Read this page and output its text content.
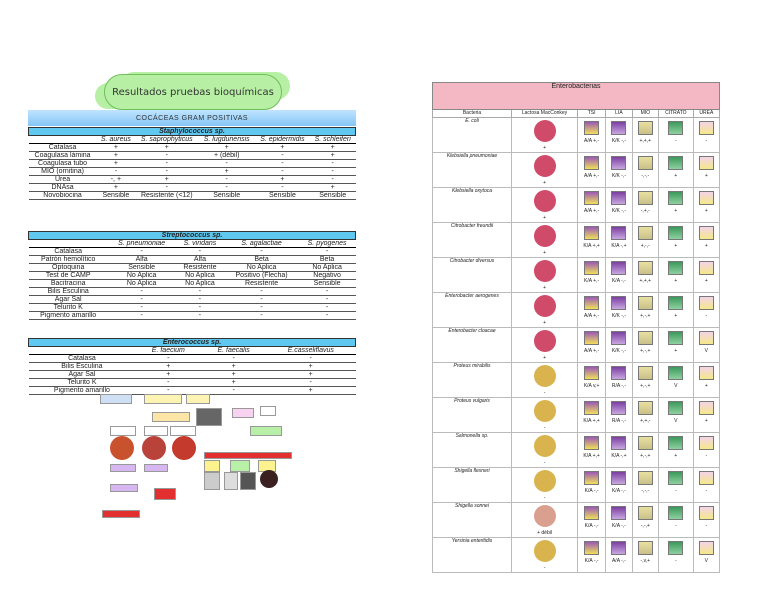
Resultados pruebas bioquímicas
COCÁCEAS GRAM POSITIVAS
Staphylococcus sp.					
	S. aureus	S. saprophyticus	S. lugdunensis	S. epidermidis	S. schleiferi
Catalasa	+	+	+	+	+
Coagulasa lámina	+	-	+ (débil)	-	+
Coagulasa tubo	+	-	-	-	-
MIO (ornitina)	-	-	+	-	-
Urea	-, +	+	-	+	-
DNAsa	+	-	-	-	+
Novobiocina	Sensible	Resistente (<12)	Sensible	Sensible	Sensible
Streptococcus sp.				
	S. pneumoniae	S. viridans	S. agalactiae	S. pyogenes
Catalasa	-	-	-	-
Patrón hemolítico	Alfa	Alfa	Beta	Beta
Optoquina	Sensible	Resistente	No Aplica	No Aplica
Test de CAMP	No Aplica	No Aplica	Positivo (Flecha)	Negativo
Bacitracina	No Aplica	No Aplica	Resistente	Sensible
Bilis Esculina	-	-	-	-
Agar Sal	-	-	-	-
Telurito K	-	-	-	-
Pigmento amarillo	-	-	-	-
Enterococcus sp.			
	E. faecium	E. faecalis	E.casseliflavus
Catalasa	-	-	-
Bilis Esculina	+	+	+
Agar Sal	+	+	+
Telurito K	-	+	-
Pigmento amarillo	-	-	+
Enterobacterias						
Bacteria	Lactosa MacConkey	TSI	LIA	MIO	CITRATO	UREA
E. coli	+	A/A +,-	K/K -,-	+,+,+	-	-

Klebsiella pneumoniae	+	A/A +,-	K/K -,-	-,-,-	+	+

Klebsiella oxytoca	+	A/A +,-	K/K -,-	-,+,-	+	+

Citrobacter freundii	+	K/A +,+	K/A -,+	+,-,-	+	+

Citrobacter diversus	+	K/A +,-	K/A -,-	+,+,+	+	+

Enterobacter aerogenes	+	A/A +,-	K/K -,-	+,-,+	+	-

Enterobacter cloacae	+	A/A +,-	K/K -,-	+,-,+	+	V

Proteus mirabilis	-	K/A v,+	R/A -,-	+,-,+	V	+

Proteus vulgaris	-	K/A +,+	R/A -,-	+,+,-	V	+

Salmonella sp.	-	K/A +,+	K/A -,+	+,-,+	+	-

Shigella flexneri	-	K/A -,-	K/A -,-	-,-,-	-	-

Shigella sonnei	+ débil	K/A -,-	K/A -,-	-,-,+	-	-

Yersinia enteritidis	-	K/A -,-	A/A -,-	-,v,+	-	V
